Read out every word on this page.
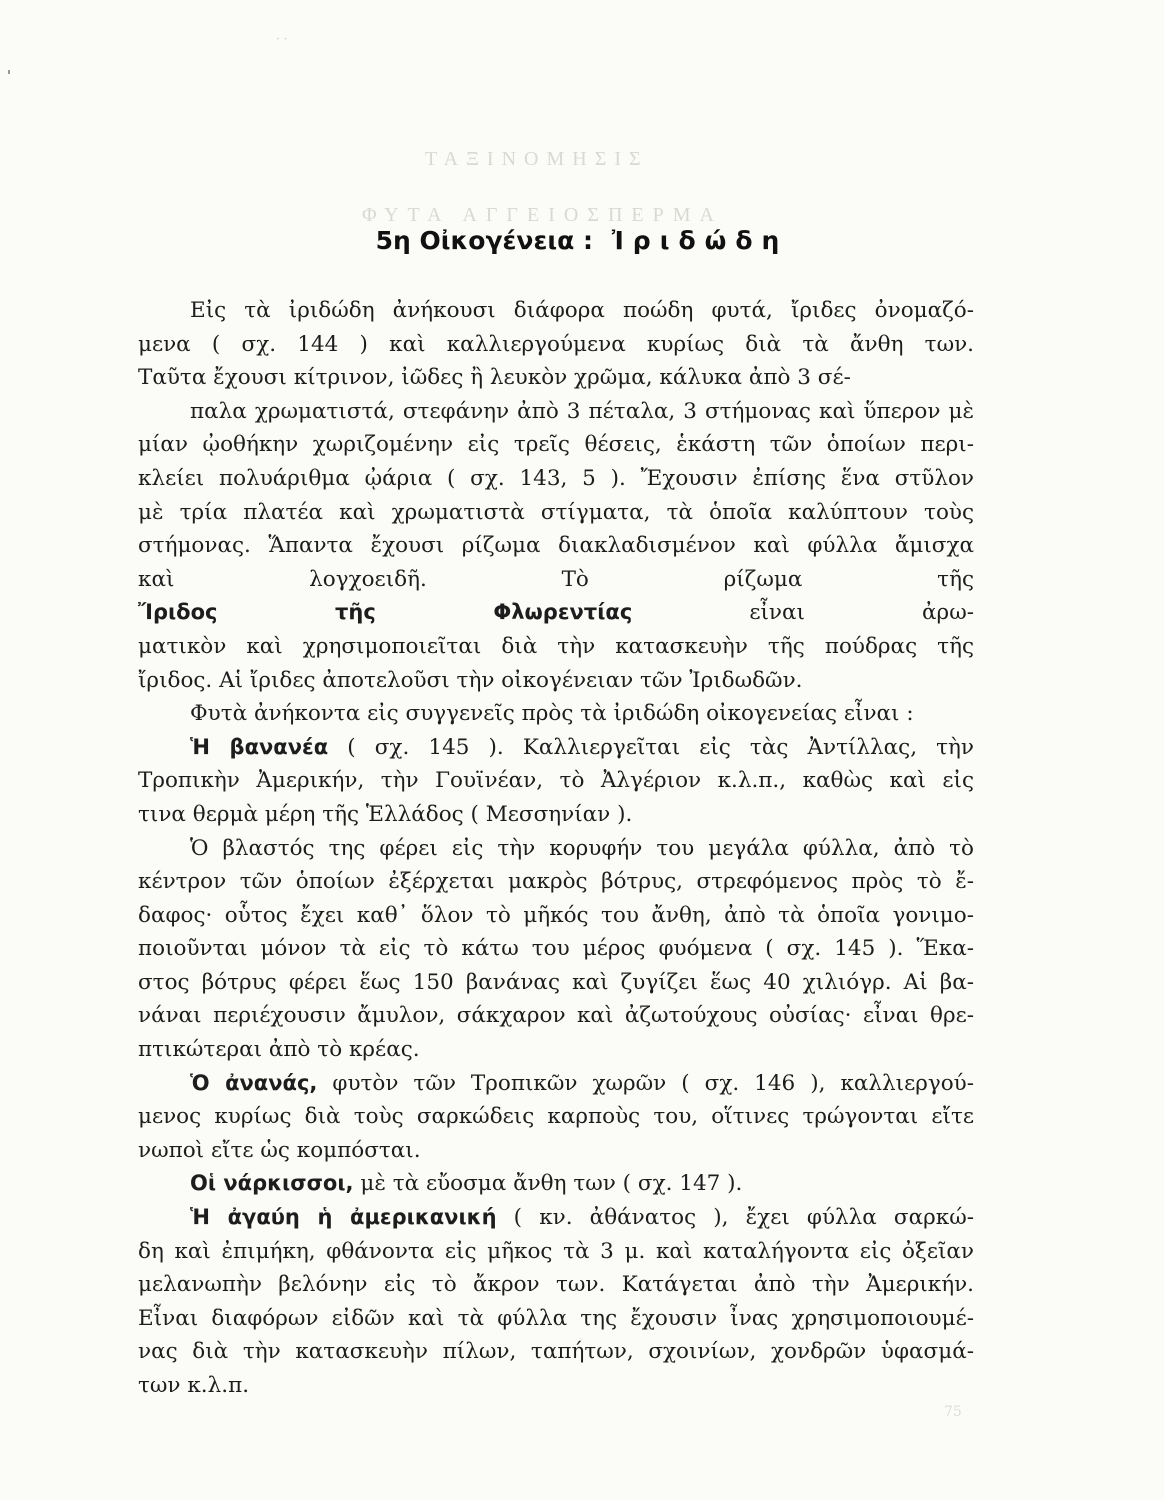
· ·
ΤΑΞΙΝΟΜΗΣΙΣ
ΦΥΤΑ ΑΓΓΕΙΟΣΠΕΡΜΑ
5η Οἰκογένεια : Ἰριδώδη
Εἰς τὰ ἰριδώδη ἀνήκουσι διάφορα ποώδη φυτά, ἴριδες ὀνομαζό-
μενα ( σχ. 144 ) καὶ καλλιεργούμενα κυρίως διὰ τὰ ἄνθη των.
Ταῦτα ἔχουσι κίτρινον, ἰῶδες ἢ λευκὸν χρῶμα, κάλυκα ἀπὸ 3 σέ-
παλα χρωματιστά, στεφάνην ἀπὸ 3 πέταλα, 3 στήμονας καὶ ὕπερον μὲ
μίαν ᾠοθήκην χωριζομένην εἰς τρεῖς θέσεις, ἑκάστη τῶν ὁποίων περι-
κλείει πολυάριθμα ᾠάρια ( σχ. 143, 5 ). Ἔχουσιν ἐπίσης ἕνα στῦλον
μὲ τρία πλατέα καὶ χρωματιστὰ στίγματα, τὰ ὁποῖα καλύπτουν τοὺς
στήμονας. Ἅπαντα ἔχουσι ρίζωμα διακλαδισμένον καὶ φύλλα ἄμισχα
καὶ λογχοειδῆ. Τὸ ρίζωμα τῆς
Ἴριδος τῆς Φλωρεντίας εἶναι ἀρω-
ματικὸν καὶ χρησιμοποιεῖται διὰ τὴν κατασκευὴν τῆς πούδρας τῆς
ἴριδος. Αἱ ἴριδες ἀποτελοῦσι τὴν οἰκογένειαν τῶν Ἰριδωδῶν.
Φυτὰ ἀνήκοντα εἰς συγγενεῖς πρὸς τὰ ἰριδώδη οἰκογενείας εἶναι :
Ἡ βανανέα ( σχ. 145 ). Καλλιεργεῖται εἰς τὰς Ἀντίλλας, τὴν
Τροπικὴν Ἀμερικήν, τὴν Γουϊνέαν, τὸ Ἀλγέριον κ.λ.π., καθὼς καὶ εἰς
τινα θερμὰ μέρη τῆς Ἑλλάδος ( Μεσσηνίαν ).
Ὁ βλαστός της φέρει εἰς τὴν κορυφήν του μεγάλα φύλλα, ἀπὸ τὸ
κέντρον τῶν ὁποίων ἐξέρχεται μακρὸς βότρυς, στρεφόμενος πρὸς τὸ ἔ-
δαφος· οὗτος ἔχει καθ᾽ ὅλον τὸ μῆκός του ἄνθη, ἀπὸ τὰ ὁποῖα γονιμο-
ποιοῦνται μόνον τὰ εἰς τὸ κάτω του μέρος φυόμενα ( σχ. 145 ). Ἕκα-
στος βότρυς φέρει ἕως 150 βανάνας καὶ ζυγίζει ἕως 40 χιλιόγρ. Αἱ βα-
νάναι περιέχουσιν ἄμυλον, σάκχαρον καὶ ἀζωτούχους οὐσίας· εἶναι θρε-
πτικώτεραι ἀπὸ τὸ κρέας.
Ὁ ἀνανάς, φυτὸν τῶν Τροπικῶν χωρῶν ( σχ. 146 ), καλλιεργού-
μενος κυρίως διὰ τοὺς σαρκώδεις καρποὺς του, οἵτινες τρώγονται εἴτε
νωποὶ εἴτε ὡς κομπόσται.
Οἱ νάρκισσοι, μὲ τὰ εὔοσμα ἄνθη των ( σχ. 147 ).
Ἡ ἀγαύη ἡ ἀμερικανική ( κν. ἀθάνατος ), ἔχει φύλλα σαρκώ-
δη καὶ ἐπιμήκη, φθάνοντα εἰς μῆκος τὰ 3 μ. καὶ καταλήγοντα εἰς ὀξεῖαν
μελανωπὴν βελόνην εἰς τὸ ἄκρον των. Κατάγεται ἀπὸ τὴν Ἀμερικήν.
Εἶναι διαφόρων εἰδῶν καὶ τὰ φύλλα της ἔχουσιν ἶνας χρησιμοποιουμέ-
νας διὰ τὴν κατασκευὴν πίλων, ταπήτων, σχοινίων, χονδρῶν ὑφασμά-
των κ.λ.π.
75
